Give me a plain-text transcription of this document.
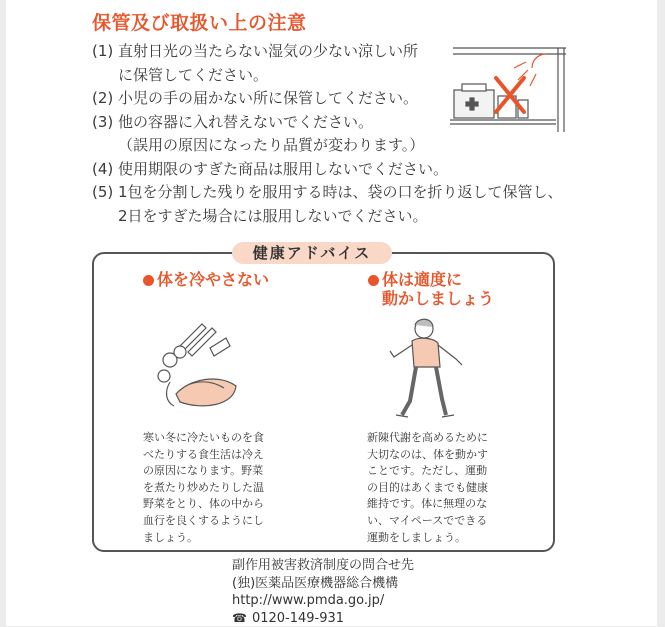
保管及び取扱い上の注意

(1) 直射日光の当たらない湿気の少ない涼しい所
に保管してください。

(2) 小児の手の届かない所に保管してください。

(3) 他の容器に入れ替えないでください。
（誤用の原因になったり品質が変わります。）

(4) 使用期限のすぎた商品は服用しないでください。

(5) 1包を分割した残りを服用する時は、袋の口を折り返して保管し、
2日をすぎた場合には服用しないでください。

健康アドバイス
体を冷やさない	体は適度に
動かしましょう
寒い冬に冷たいものを食
べたりする食生活は冷え
の原因になります。野菜
を煮たり炒めたりした温
野菜をとり、体の中から
血行を良くするようにし
ましょう。
新陳代謝を高めるために
大切なのは、体を動かす
ことです。ただし、運動
の目的はあくまでも健康
維持です。体に無理のな
い、マイペースでできる
運動をしましょう。
副作用被害救済制度の問合せ先
(独)医薬品医療機器総合機構
http://www.pmda.go.jp/
☎ 0120-149-931
